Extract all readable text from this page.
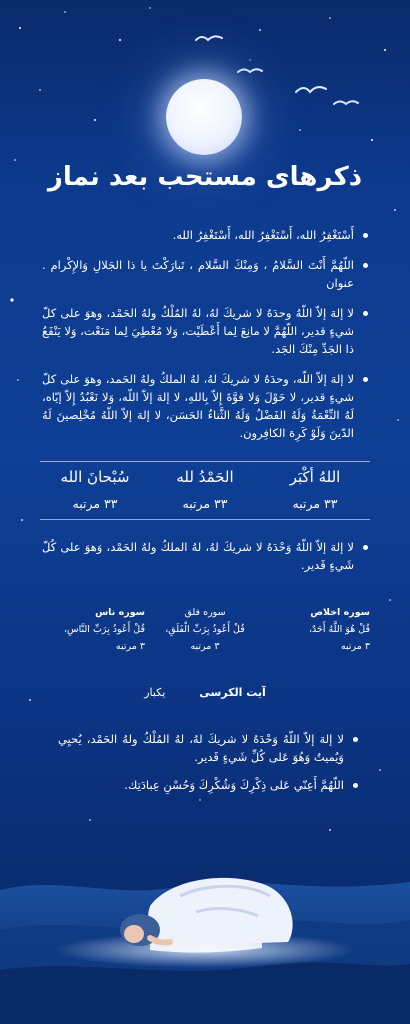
ذکرهای مستحب بعد نماز
أَسْتَغْفِرُ الله، أَسْتَغْفِرُ الله، أَسْتَغْفِرُ الله.
اللّهُمَّ أَنْتَ السَّلامُ ، وَمِنْكَ السَّلام ، تَبارَكْتَ يا ذا الجَلالِ وَالإِكْرام . عنوان
لا إلهَ إلاّ اللّهُ وحدَهُ لا شريكَ لهُ، لهُ المُلْكُ ولهُ الحَمْد، وهوَ على كلّ شيءٍ قدير، اللّهُمَّ لا مانِعَ لِما أَعْطَيْت، وَلا مُعْطِيَ لِما مَنَعْت، وَلا يَنْفَعُ ذا الجَدِّ مِنْكَ الجَد.
لا إلهَ إلاّ اللّه، وحدَهُ لا شريكَ لهُ، لهُ الملكُ ولهُ الحَمد، وهوَ على كلّ شيءٍ قدير، لا حَوْلَ وَلا قوَّةَ إِلاّ بِاللهِ، لا إلهَ إلاّ اللّه، وَلا نَعْبُدُ إِلاّ إيّاه، لَهُ النِّعْمَةُ وَلَهُ الفَضْلُ وَلَهُ الثَّناءُ الحَسَن، لا إلهَ إلاّ اللّهُ مُخْلِصينَ لَهُ الدّينَ وَلَوْ كَرِهَ الكافِرون.
سُبْحانَ الله
۳۳ مرتبه
الحَمْدُ لله
۳۳ مرتبه
اللهُ أكْبَر
۳۳ مرتبه
لا إلهَ إلاّ اللّهُ وَحْدَهُ لا شريكَ لهُ، لهُ الملكُ ولهُ الحَمْد، وَهوَ على كُلّ شَيءٍ قَدير.
سوره اخلاص
قُلْ هُوَ اللَّهُ أَحَدٌ،
۳ مرتبه
سوره فلق
قُلْ أَعُوذُ بِرَبِّ الْفَلَقِ،
۳ مرتبه
سوره ناس
قُلْ أَعُوذُ بِرَبِّ النَّاسِ،
۳ مرتبه
آیت الکرسی
یکبار
لا إلهَ إلاّ اللّهُ وَحْدَهُ لا شريكَ لهُ، لهُ المُلْكُ ولهُ الحَمْد، يُحيِي وَيُميتُ وَهُوَ عَلى كُلِّ شَيءٍ قَدير.
اللّهُمَّ أَعِنّي عَلى ذِكْرِكَ وَشُكْرِكَ وَحُسْنِ عِبادَتِك.
